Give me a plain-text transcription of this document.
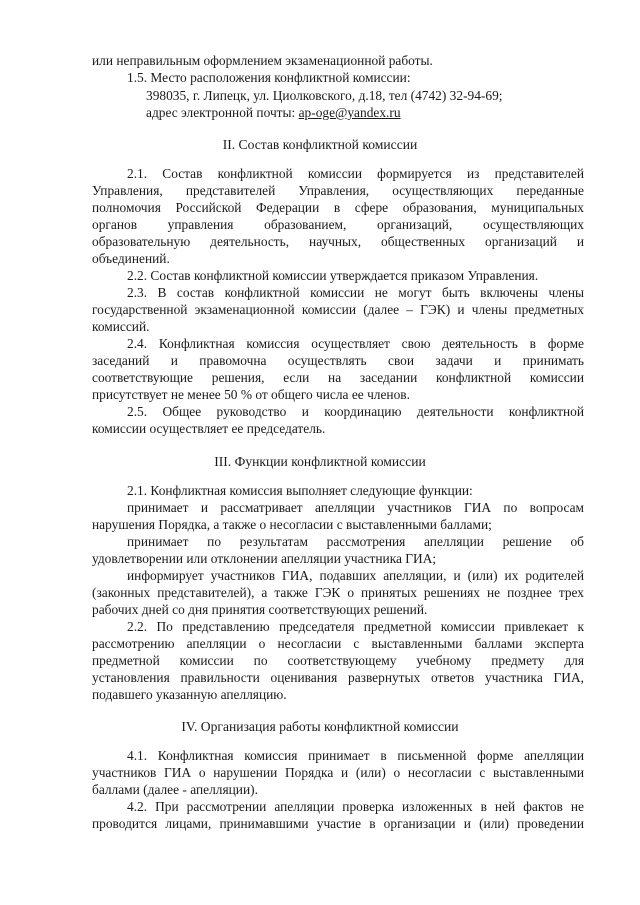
или неправильным оформлением экзаменационной работы.
1.5. Место расположения конфликтной комиссии:
398035, г. Липецк, ул. Циолковского, д.18, тел (4742) 32-94-69;
адрес электронной почты: ap-oge@yandex.ru
II. Состав конфликтной комиссии
2.1. Состав конфликтной комиссии формируется из представителей
Управления, представителей Управления, осуществляющих переданные
полномочия Российской Федерации в сфере образования, муниципальных
органов управления образованием, организаций, осуществляющих
образовательную деятельность, научных, общественных организаций и
объединений.
2.2. Состав конфликтной комиссии утверждается приказом Управления.
2.3. В состав конфликтной комиссии не могут быть включены члены
государственной экзаменационной комиссии (далее – ГЭК) и члены предметных
комиссий.
2.4. Конфликтная комиссия осуществляет свою деятельность в форме
заседаний и правомочна осуществлять свои задачи и принимать
соответствующие решения, если на заседании конфликтной комиссии
присутствует не менее 50 % от общего числа ее членов.
2.5. Общее руководство и координацию деятельности конфликтной
комиссии осуществляет ее председатель.
III. Функции конфликтной комиссии
2.1. Конфликтная комиссия выполняет следующие функции:
принимает и рассматривает апелляции участников ГИА по вопросам
нарушения Порядка, а также о несогласии с выставленными баллами;
принимает по результатам рассмотрения апелляции решение об
удовлетворении или отклонении апелляции участника ГИА;
информирует участников ГИА, подавших апелляции, и (или) их родителей
(законных представителей), а также ГЭК о принятых решениях не позднее трех
рабочих дней со дня принятия соответствующих решений.
2.2. По представлению председателя предметной комиссии привлекает к
рассмотрению апелляции о несогласии с выставленными баллами эксперта
предметной комиссии по соответствующему учебному предмету для
установления правильности оценивания развернутых ответов участника ГИА,
подавшего указанную апелляцию.
IV. Организация работы конфликтной комиссии
4.1. Конфликтная комиссия принимает в письменной форме апелляции
участников ГИА о нарушении Порядка и (или) о несогласии с выставленными
баллами (далее - апелляции).
4.2. При рассмотрении апелляции проверка изложенных в ней фактов не
проводится лицами, принимавшими участие в организации и (или) проведении
